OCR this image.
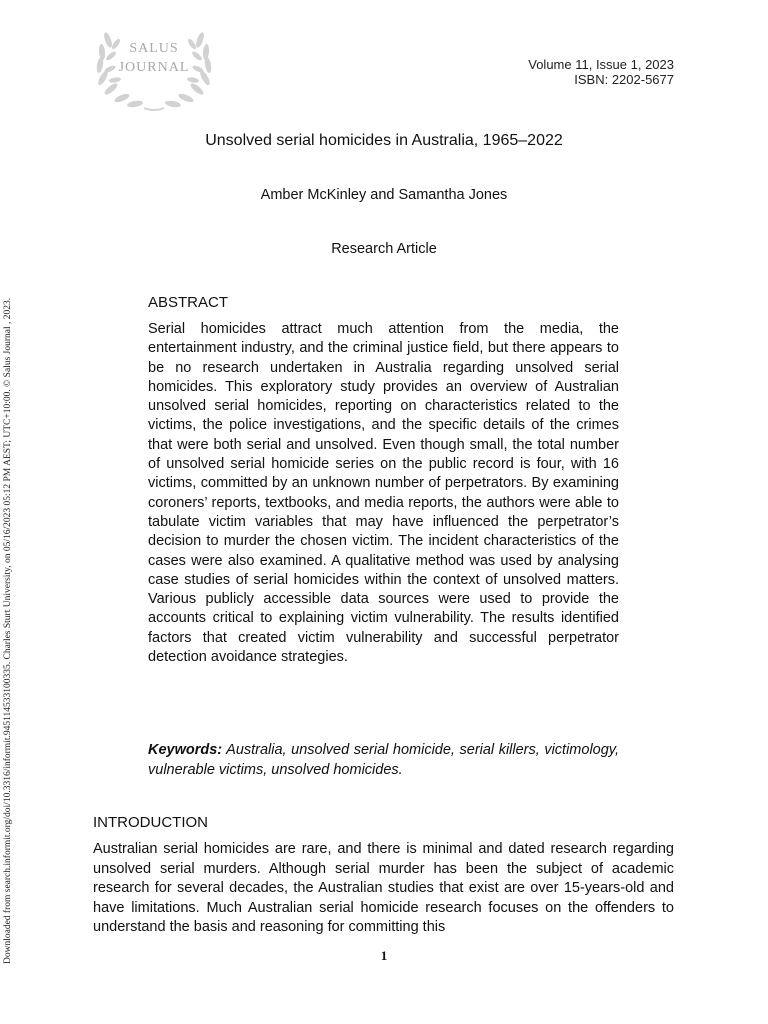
SALUS
JOURNAL	Volume 11, Issue 1, 2023
ISBN: 2202-5677
Unsolved serial homicides in Australia, 1965–2022
Amber McKinley and Samantha Jones
Research Article
ABSTRACT
Serial homicides attract much attention from the media, the entertainment industry, and the criminal justice field, but there appears to be no research undertaken in Australia regarding unsolved serial homicides. This exploratory study provides an overview of Australian unsolved serial homicides, reporting on characteristics related to the victims, the police investigations, and the specific details of the crimes that were both serial and unsolved. Even though small, the total number of unsolved serial homicide series on the public record is four, with 16 victims, committed by an unknown number of perpetrators. By examining coroners’ reports, textbooks, and media reports, the authors were able to tabulate victim variables that may have influenced the perpetrator’s decision to murder the chosen victim. The incident characteristics of the cases were also examined. A qualitative method was used by analysing case studies of serial homicides within the context of unsolved matters. Various publicly accessible data sources were used to provide the accounts critical to explaining victim vulnerability. The results identified factors that created victim vulnerability and successful perpetrator detection avoidance strategies.
Keywords: Australia, unsolved serial homicide, serial killers, victimology, vulnerable victims, unsolved homicides.
INTRODUCTION
Australian serial homicides are rare, and there is minimal and dated research regarding unsolved serial murders. Although serial murder has been the subject of academic research for several decades, the Australian studies that exist are over 15-years-old and have limitations. Much Australian serial homicide research focuses on the offenders to understand the basis and reasoning for committing this
1
Downloaded from search.informit.org/doi/10.3316/informit.945114533100335. Charles Sturt University, on 05/16/2023 05:12 PM AEST; UTC+10:00. © Salus Journal , 2023.
